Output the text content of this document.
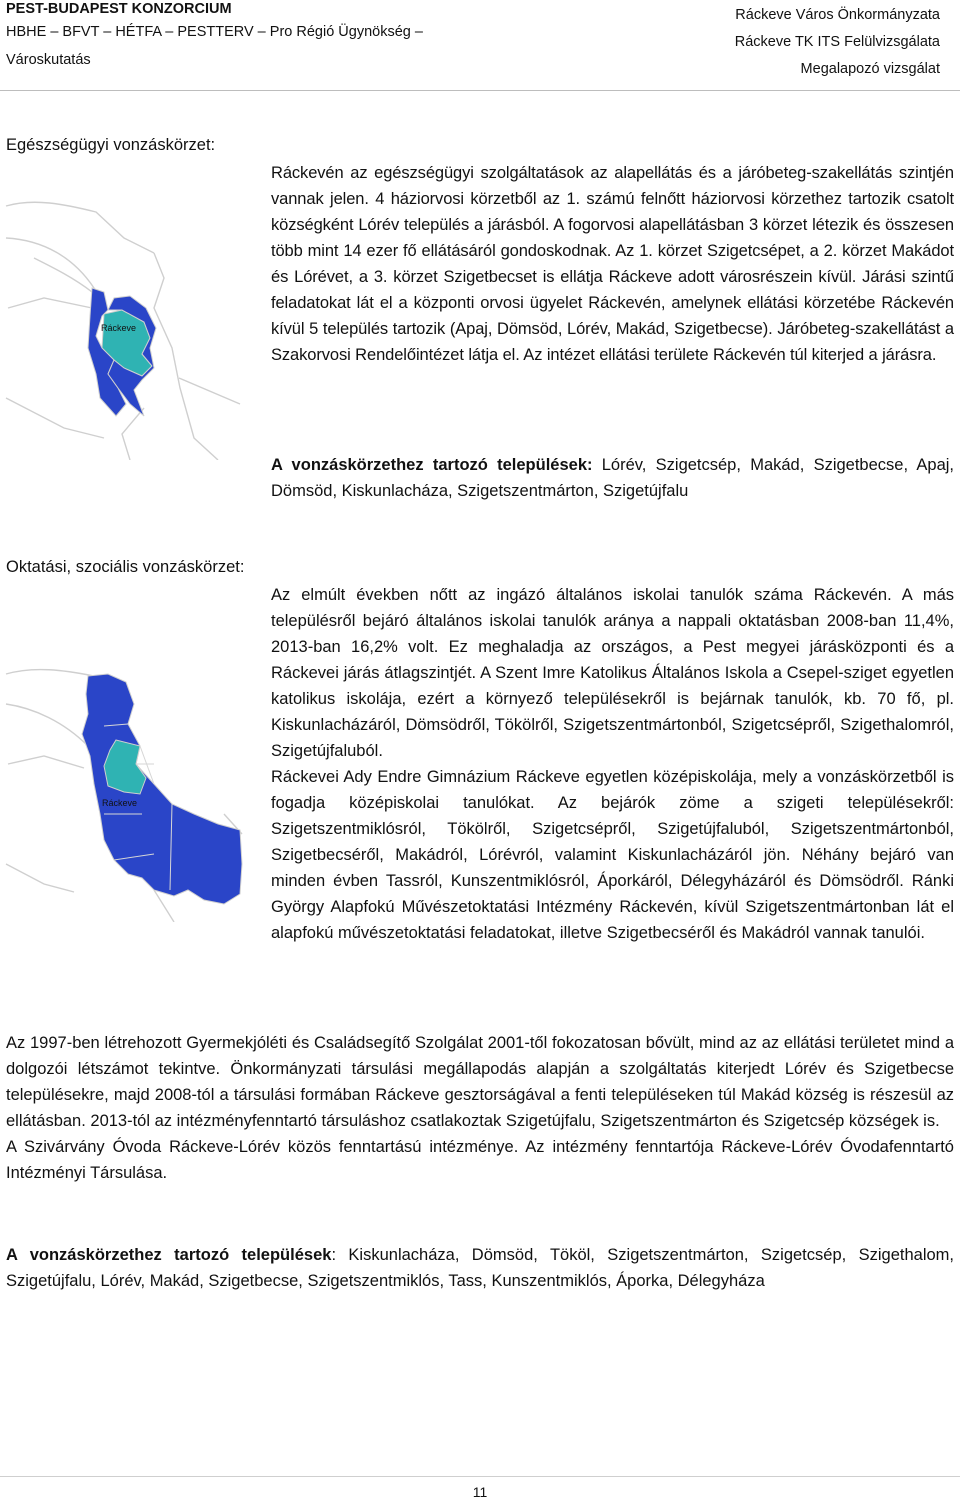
PEST-BUDAPEST KONZORCIUM
HBHE – BFVT – HÉTFA – PESTTERV – Pro Régió Ügynökség –
Városkutatás
Ráckeve Város Önkormányzata
Ráckeve TK ITS Felülvizsgálata
Megalapozó vizsgálat
Egészségügyi vonzáskörzet:
Ráckeve

Ráckevén az egészségügyi szolgáltatások az alapellátás és a járóbeteg-szakellátás szintjén vannak jelen. 4 háziorvosi körzetből az 1. számú felnőtt háziorvosi körzethez tartozik csatolt községként Lórév település a járásból. A fogorvosi alapellátásban 3 körzet létezik és összesen több mint 14 ezer fő ellátásáról gondoskodnak. Az 1. körzet Szigetcsépet, a 2. körzet Makádot és Lórévet, a 3. körzet Szigetbecset is ellátja Ráckeve adott városrészein kívül. Járási szintű feladatokat lát el a központi orvosi ügyelet Ráckevén, amelynek ellátási körzetébe Ráckevén kívül 5 település tartozik (Apaj, Dömsöd, Lórév, Makád, Szigetbecse). Járóbeteg-szakellátást a Szakorvosi Rendelőintézet látja el. Az intézet ellátási területe Ráckevén túl kiterjed a járásra.

A vonzáskörzethez tartozó települések: Lórév, Szigetcsép, Makád, Szigetbecse, Apaj, Dömsöd, Kiskunlacháza, Szigetszentmárton, Szigetújfalu

Oktatási, szociális vonzáskörzet:
Ráckeve

Az elmúlt években nőtt az ingázó általános iskolai tanulók száma Ráckevén. A más településről bejáró általános iskolai tanulók aránya a nappali oktatásban 2008-ban 11,4%, 2013-ban 16,2% volt. Ez meghaladja az országos, a Pest megyei járásközponti és a Ráckevei járás átlagszintjét. A Szent Imre Katolikus Általános Iskola a Csepel-sziget egyetlen katolikus iskolája, ezért a környező településekről is bejárnak tanulók, kb. 70 fő, pl. Kiskunlacházáról, Dömsödről, Tökölről, Szigetszentmártonból, Szigetcsépről, Szigethalomról, Szigetújfaluból.

Ráckevei Ady Endre Gimnázium Ráckeve egyetlen középiskolája, mely a vonzáskörzetből is fogadja középiskolai tanulókat. Az bejárók zöme a szigeti településekről: Szigetszentmiklósról, Tökölről, Szigetcsépről, Szigetújfaluból, Szigetszentmártonból, Szigetbecséről, Makádról, Lórévról, valamint Kiskunlacházáról jön. Néhány bejáró van minden évben Tassról, Kunszentmiklósról, Áporkáról, Délegyházáról és Dömsödről. Ránki György Alapfokú Művészetoktatási Intézmény Ráckevén, kívül Szigetszentmártonban lát el alapfokú művészetoktatási feladatokat, illetve Szigetbecséről és Makádról vannak tanulói.

Az 1997-ben létrehozott Gyermekjóléti és Családsegítő Szolgálat 2001-től fokozatosan bővült, mind az az ellátási területet mind a dolgozói létszámot tekintve. Önkormányzati társulási megállapodás alapján a szolgáltatás kiterjedt Lórév és Szigetbecse településekre, majd 2008-tól a társulási formában Ráckeve gesztorságával a fenti településeken túl Makád község is részesül az ellátásban. 2013-tól az intézményfenntartó társuláshoz csatlakoztak Szigetújfalu, Szigetszentmárton és Szigetcsép községek is.

A Szivárvány Óvoda Ráckeve-Lórév közös fenntartású intézménye. Az intézmény fenntartója Ráckeve-Lórév Óvodafenntartó Intézményi Társulása.

A vonzáskörzethez tartozó települések: Kiskunlacháza, Dömsöd, Tököl, Szigetszentmárton, Szigetcsép, Szigethalom, Szigetújfalu, Lórév, Makád, Szigetbecse, Szigetszentmiklós, Tass, Kunszentmiklós, Áporka, Délegyháza

11
